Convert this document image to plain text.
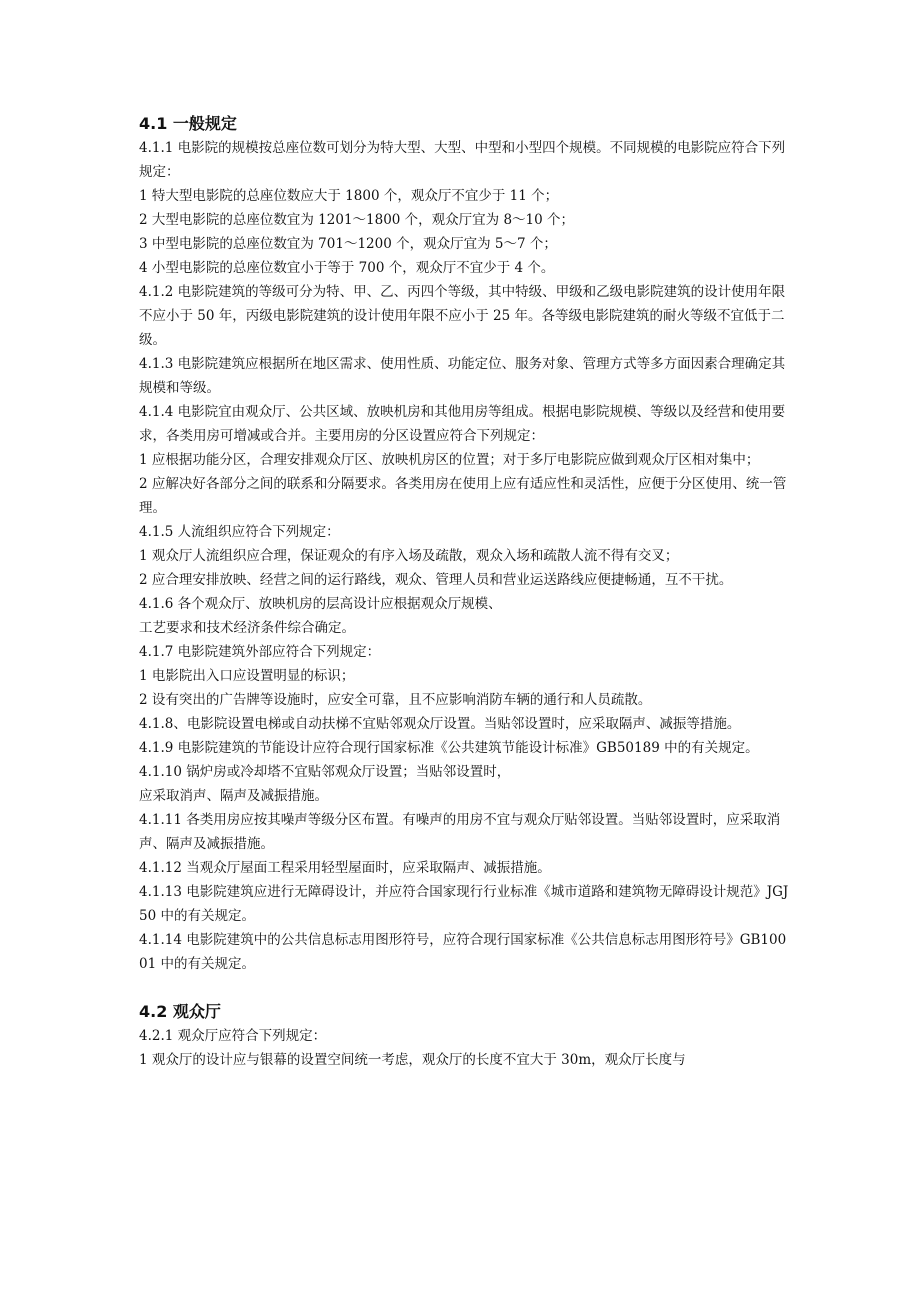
4.1 一般规定

4.1.1 电影院的规模按总座位数可划分为特大型、大型、中型和小型四个规模。不同规模的电影院应符合下列规定：

1 特大型电影院的总座位数应大于 1800 个，观众厅不宜少于 11 个；

2 大型电影院的总座位数宜为 1201～1800 个，观众厅宜为 8～10 个；

3 中型电影院的总座位数宜为 701～1200 个，观众厅宜为 5～7 个；

4 小型电影院的总座位数宜小于等于 700 个，观众厅不宜少于 4 个。

4.1.2 电影院建筑的等级可分为特、甲、乙、丙四个等级，其中特级、甲级和乙级电影院建筑的设计使用年限不应小于 50 年，丙级电影院建筑的设计使用年限不应小于 25 年。各等级电影院建筑的耐火等级不宜低于二级。

4.1.3 电影院建筑应根据所在地区需求、使用性质、功能定位、服务对象、管理方式等多方面因素合理确定其规模和等级。

4.1.4 电影院宜由观众厅、公共区域、放映机房和其他用房等组成。根据电影院规模、等级以及经营和使用要求，各类用房可增减或合并。主要用房的分区设置应符合下列规定：

1 应根据功能分区，合理安排观众厅区、放映机房区的位置；对于多厅电影院应做到观众厅区相对集中；

2 应解决好各部分之间的联系和分隔要求。各类用房在使用上应有适应性和灵活性，应便于分区使用、统一管理。

4.1.5 人流组织应符合下列规定：

1 观众厅人流组织应合理，保证观众的有序入场及疏散，观众入场和疏散人流不得有交叉；

2 应合理安排放映、经营之间的运行路线，观众、管理人员和营业运送路线应便捷畅通，互不干扰。

4.1.6 各个观众厅、放映机房的层高设计应根据观众厅规模、

工艺要求和技术经济条件综合确定。

4.1.7 电影院建筑外部应符合下列规定：

1 电影院出入口应设置明显的标识；

2 设有突出的广告牌等设施时，应安全可靠，且不应影响消防车辆的通行和人员疏散。

4.1.8、电影院设置电梯或自动扶梯不宜贴邻观众厅设置。当贴邻设置时，应采取隔声、减振等措施。

4.1.9 电影院建筑的节能设计应符合现行国家标准《公共建筑节能设计标准》GB50189 中的有关规定。

4.1.10 锅炉房或冷却塔不宜贴邻观众厅设置；当贴邻设置时，

应采取消声、隔声及减振措施。

4.1.11 各类用房应按其噪声等级分区布置。有噪声的用房不宜与观众厅贴邻设置。当贴邻设置时，应采取消声、隔声及减振措施。

4.1.12 当观众厅屋面工程采用轻型屋面时，应采取隔声、减振措施。

4.1.13 电影院建筑应进行无障碍设计，并应符合国家现行行业标准《城市道路和建筑物无障碍设计规范》JGJ50 中的有关规定。

4.1.14 电影院建筑中的公共信息标志用图形符号，应符合现行国家标准《公共信息标志用图形符号》GB10001 中的有关规定。

4.2 观众厅

4.2.1 观众厅应符合下列规定：

1 观众厅的设计应与银幕的设置空间统一考虑，观众厅的长度不宜大于 30m，观众厅长度与
